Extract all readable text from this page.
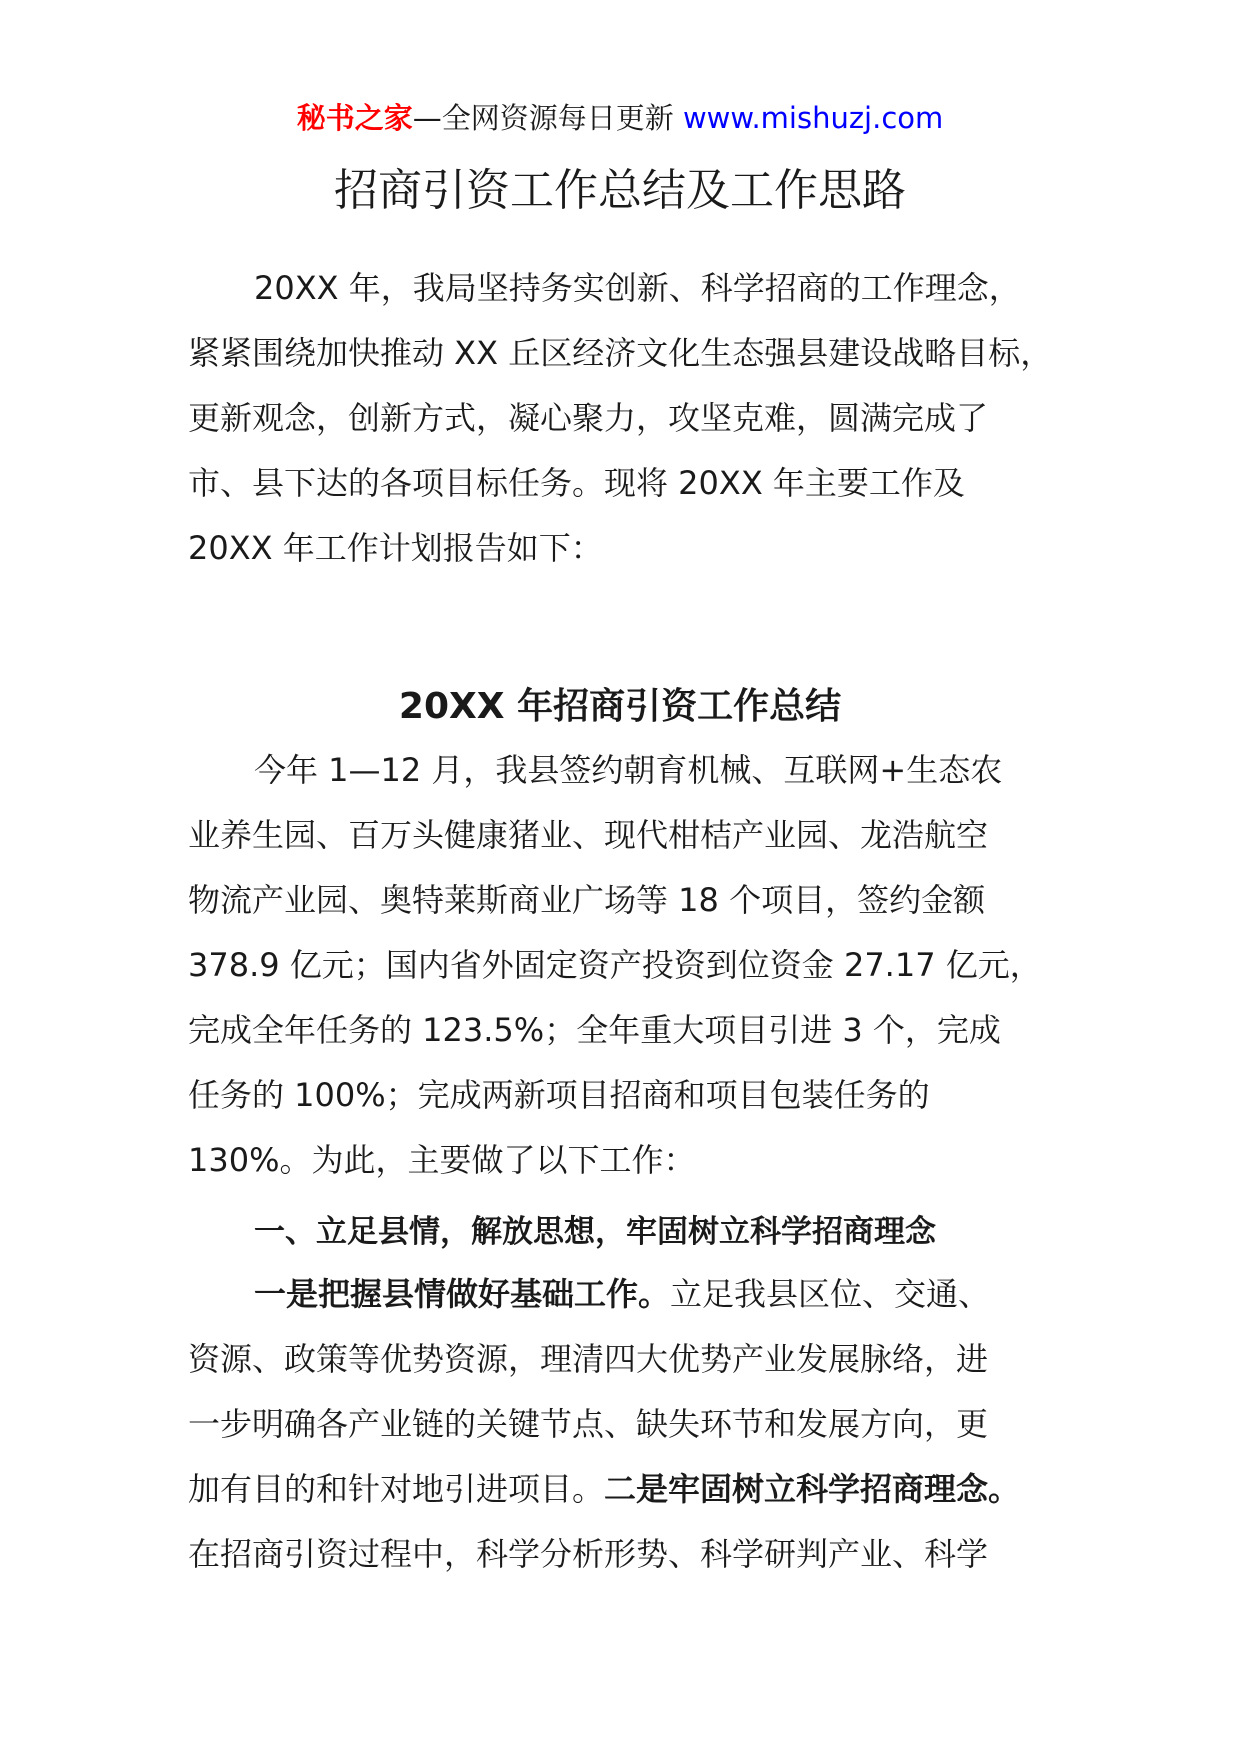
秘书之家—全网资源每日更新 www.mishuzj.com
招商引资工作总结及工作思路
20XX 年，我局坚持务实创新、科学招商的工作理念，
紧紧围绕加快推动 XX 丘区经济文化生态强县建设战略目标，
更新观念，创新方式，凝心聚力，攻坚克难，圆满完成了
市、县下达的各项目标任务。现将 20XX 年主要工作及
20XX 年工作计划报告如下：
20XX 年招商引资工作总结
今年 1—12 月，我县签约朝育机械、互联网+生态农
业养生园、百万头健康猪业、现代柑桔产业园、龙浩航空
物流产业园、奥特莱斯商业广场等 18 个项目，签约金额
378.9 亿元；国内省外固定资产投资到位资金 27.17 亿元，
完成全年任务的 123.5%；全年重大项目引进 3 个，完成
任务的 100%；完成两新项目招商和项目包装任务的
130%。为此，主要做了以下工作：
一、立足县情，解放思想，牢固树立科学招商理念
一是把握县情做好基础工作。立足我县区位、交通、
资源、政策等优势资源，理清四大优势产业发展脉络，进
一步明确各产业链的关键节点、缺失环节和发展方向，更
加有目的和针对地引进项目。二是牢固树立科学招商理念。
在招商引资过程中，科学分析形势、科学研判产业、科学
